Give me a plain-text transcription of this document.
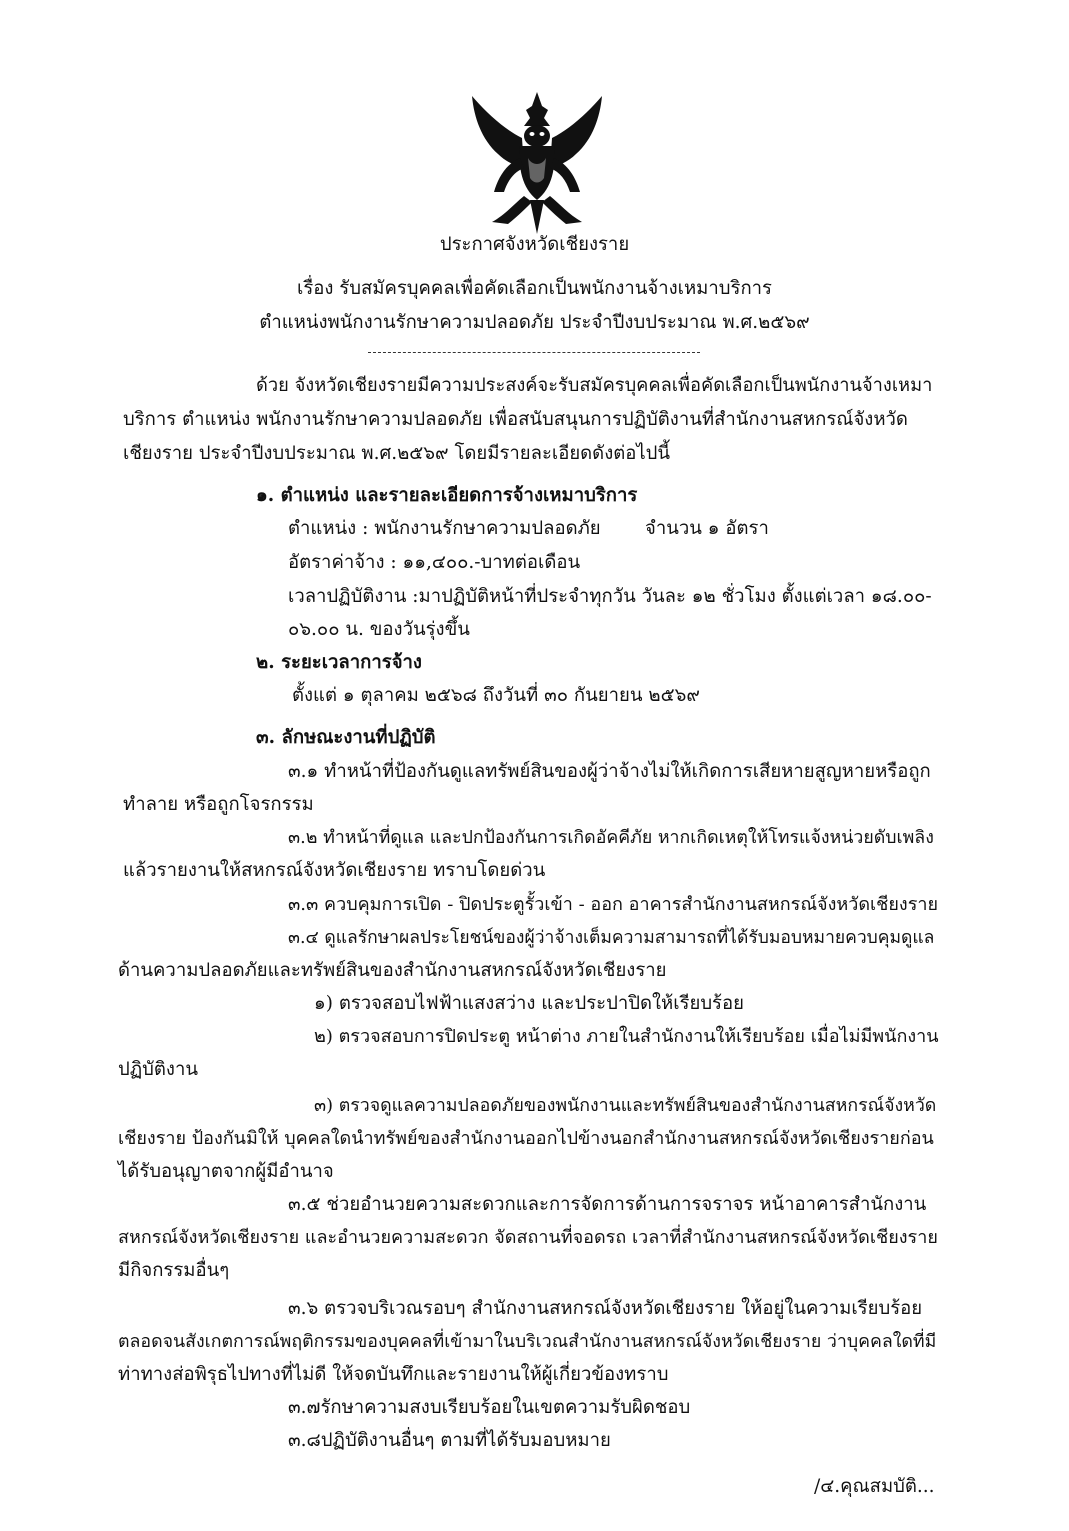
ประกาศจังหวัดเชียงราย
เรื่อง รับสมัครบุคคลเพื่อคัดเลือกเป็นพนักงานจ้างเหมาบริการ
ตำแหน่งพนักงานรักษาความปลอดภัย ประจำปีงบประมาณ พ.ศ.๒๕๖๙
ด้วย จังหวัดเชียงรายมีความประสงค์จะรับสมัครบุคคลเพื่อคัดเลือกเป็นพนักงานจ้างเหมา
บริการ ตำแหน่ง พนักงานรักษาความปลอดภัย เพื่อสนับสนุนการปฏิบัติงานที่สำนักงานสหกรณ์จังหวัด
เชียงราย ประจำปีงบประมาณ พ.ศ.๒๕๖๙ โดยมีรายละเอียดดังต่อไปนี้
๑. ตำแหน่ง และรายละเอียดการจ้างเหมาบริการ
ตำแหน่ง : พนักงานรักษาความปลอดภัย จำนวน ๑ อัตรา
อัตราค่าจ้าง : ๑๑,๔๐๐.-บาทต่อเดือน
เวลาปฏิบัติงาน :มาปฏิบัติหน้าที่ประจำทุกวัน วันละ ๑๒ ชั่วโมง ตั้งแต่เวลา ๑๘.๐๐-
๐๖.๐๐ น. ของวันรุ่งขึ้น
๒. ระยะเวลาการจ้าง
ตั้งแต่ ๑ ตุลาคม ๒๕๖๘ ถึงวันที่ ๓๐ กันยายน ๒๕๖๙
๓. ลักษณะงานที่ปฏิบัติ
๓.๑ ทำหน้าที่ป้องกันดูแลทรัพย์สินของผู้ว่าจ้างไม่ให้เกิดการเสียหายสูญหายหรือถูก
ทำลาย หรือถูกโจรกรรม
๓.๒ ทำหน้าที่ดูแล และปกป้องกันการเกิดอัคคีภัย หากเกิดเหตุให้โทรแจ้งหน่วยดับเพลิง
แล้วรายงานให้สหกรณ์จังหวัดเชียงราย ทราบโดยด่วน
๓.๓ ควบคุมการเปิด - ปิดประตูรั้วเข้า - ออก อาคารสำนักงานสหกรณ์จังหวัดเชียงราย
๓.๔ ดูแลรักษาผลประโยชน์ของผู้ว่าจ้างเต็มความสามารถที่ได้รับมอบหมายควบคุมดูแล
ด้านความปลอดภัยและทรัพย์สินของสำนักงานสหกรณ์จังหวัดเชียงราย
๑) ตรวจสอบไฟฟ้าแสงสว่าง และประปาปิดให้เรียบร้อย
๒) ตรวจสอบการปิดประตู หน้าต่าง ภายในสำนักงานให้เรียบร้อย เมื่อไม่มีพนักงาน
ปฏิบัติงาน
๓) ตรวจดูแลความปลอดภัยของพนักงานและทรัพย์สินของสำนักงานสหกรณ์จังหวัด
เชียงราย ป้องกันมิให้ บุคคลใดนำทรัพย์ของสำนักงานออกไปข้างนอกสำนักงานสหกรณ์จังหวัดเชียงรายก่อน
ได้รับอนุญาตจากผู้มีอำนาจ
๓.๕ ช่วยอำนวยความสะดวกและการจัดการด้านการจราจร หน้าอาคารสำนักงาน
สหกรณ์จังหวัดเชียงราย และอำนวยความสะดวก จัดสถานที่จอดรถ เวลาที่สำนักงานสหกรณ์จังหวัดเชียงราย
มีกิจกรรมอื่นๆ
๓.๖ ตรวจบริเวณรอบๆ สำนักงานสหกรณ์จังหวัดเชียงราย ให้อยู่ในความเรียบร้อย
ตลอดจนสังเกตการณ์พฤติกรรมของบุคคลที่เข้ามาในบริเวณสำนักงานสหกรณ์จังหวัดเชียงราย ว่าบุคคลใดที่มี
ท่าทางส่อพิรุธไปทางที่ไม่ดี ให้จดบันทึกและรายงานให้ผู้เกี่ยวข้องทราบ
๓.๗รักษาความสงบเรียบร้อยในเขตความรับผิดชอบ
๓.๘ปฏิบัติงานอื่นๆ ตามที่ได้รับมอบหมาย
/๔.คุณสมบัติ...
